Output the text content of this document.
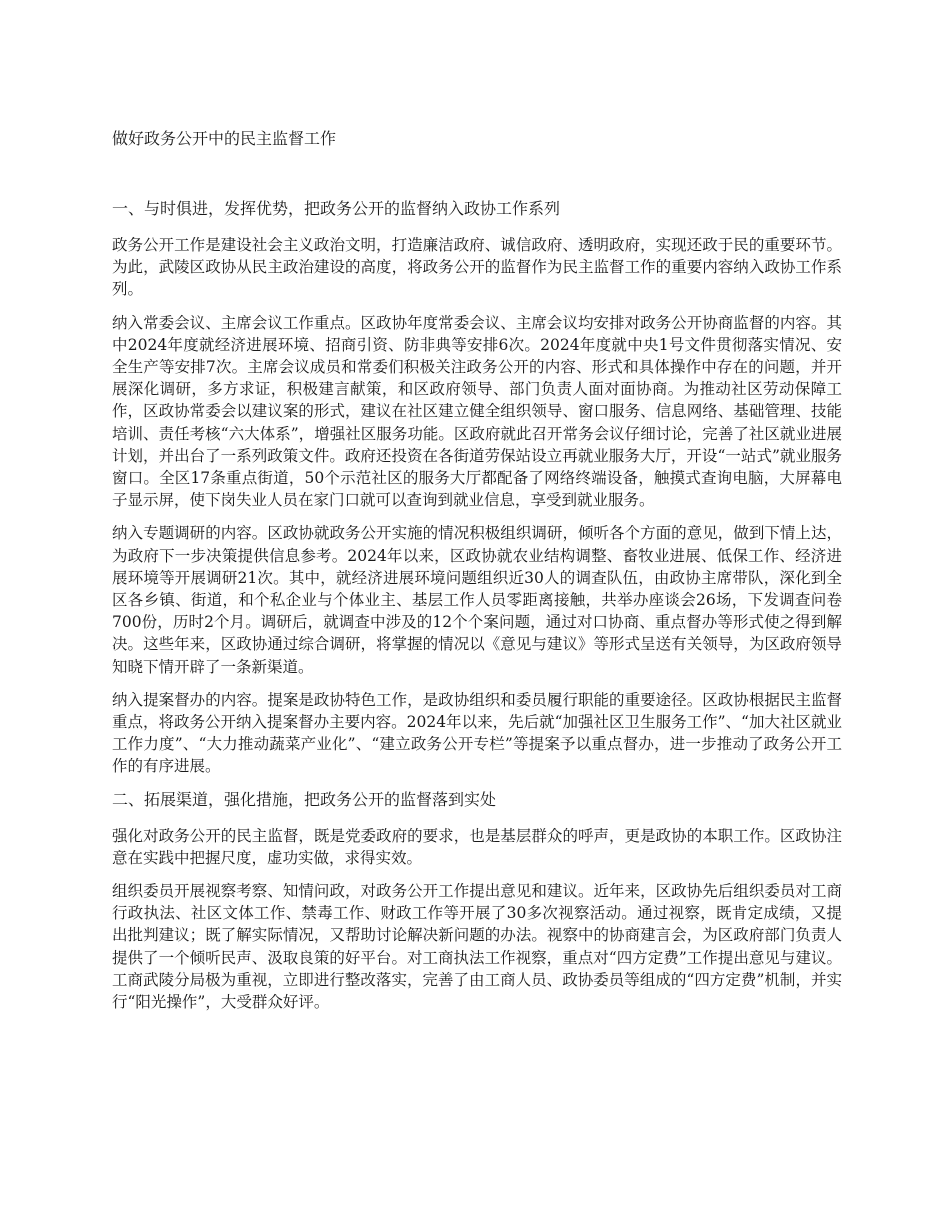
做好政务公开中的民主监督工作
一、与时俱进，发挥优势，把政务公开的监督纳入政协工作系列

政务公开工作是建设社会主义政治文明，打造廉洁政府、诚信政府、透明政府，实现还政于民的重要环节。为此，武陵区政协从民主政治建设的高度，将政务公开的监督作为民主监督工作的重要内容纳入政协工作系列。

纳入常委会议、主席会议工作重点。区政协年度常委会议、主席会议均安排对政务公开协商监督的内容。其中2024年度就经济进展环境、招商引资、防非典等安排6次。2024年度就中央1号文件贯彻落实情况、安全生产等安排7次。主席会议成员和常委们积极关注政务公开的内容、形式和具体操作中存在的问题，并开展深化调研，多方求证，积极建言献策，和区政府领导、部门负责人面对面协商。为推动社区劳动保障工作，区政协常委会以建议案的形式，建议在社区建立健全组织领导、窗口服务、信息网络、基础管理、技能培训、责任考核“六大体系”，增强社区服务功能。区政府就此召开常务会议仔细讨论，完善了社区就业进展计划，并出台了一系列政策文件。政府还投资在各街道劳保站设立再就业服务大厅，开设“一站式”就业服务窗口。全区17条重点街道，50个示范社区的服务大厅都配备了网络终端设备，触摸式查询电脑，大屏幕电子显示屏，使下岗失业人员在家门口就可以查询到就业信息，享受到就业服务。

纳入专题调研的内容。区政协就政务公开实施的情况积极组织调研，倾听各个方面的意见，做到下情上达，为政府下一步决策提供信息参考。2024年以来，区政协就农业结构调整、畜牧业进展、低保工作、经济进展环境等开展调研21次。其中，就经济进展环境问题组织近30人的调查队伍，由政协主席带队，深化到全区各乡镇、街道，和个私企业与个体业主、基层工作人员零距离接触，共举办座谈会26场，下发调查问卷700份，历时2个月。调研后，就调查中涉及的12个个案问题，通过对口协商、重点督办等形式使之得到解决。这些年来，区政协通过综合调研，将掌握的情况以《意见与建议》等形式呈送有关领导，为区政府领导知晓下情开辟了一条新渠道。

纳入提案督办的内容。提案是政协特色工作，是政协组织和委员履行职能的重要途径。区政协根据民主监督重点，将政务公开纳入提案督办主要内容。2024年以来，先后就“加强社区卫生服务工作”、“加大社区就业工作力度”、“大力推动蔬菜产业化”、“建立政务公开专栏”等提案予以重点督办，进一步推动了政务公开工作的有序进展。

二、拓展渠道，强化措施，把政务公开的监督落到实处

强化对政务公开的民主监督，既是党委政府的要求，也是基层群众的呼声，更是政协的本职工作。区政协注意在实践中把握尺度，虚功实做，求得实效。

组织委员开展视察考察、知情问政，对政务公开工作提出意见和建议。近年来，区政协先后组织委员对工商行政执法、社区文体工作、禁毒工作、财政工作等开展了30多次视察活动。通过视察，既肯定成绩，又提出批判建议；既了解实际情况，又帮助讨论解决新问题的办法。视察中的协商建言会，为区政府部门负责人提供了一个倾听民声、汲取良策的好平台。对工商执法工作视察，重点对“四方定费”工作提出意见与建议。工商武陵分局极为重视，立即进行整改落实，完善了由工商人员、政协委员等组成的“四方定费”机制，并实行“阳光操作”，大受群众好评。
